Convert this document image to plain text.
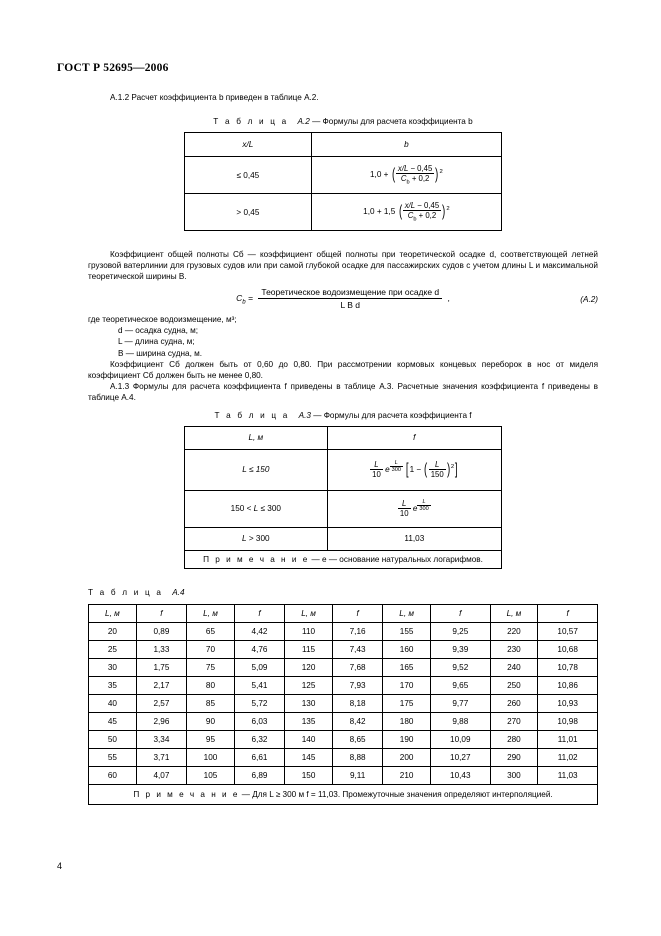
ГОСТ Р 52695—2006

А.1.2 Расчет коэффициента b приведен в таблице А.2.

Т а б л и ц а А.2 — Формулы для расчета коэффициента b

x/L	b
≤ 0,45	1,0 + ( $\frac{x/L - 0,45}{C_b + 0,2} )^2$
> 0,45	1,0 + 1,5 ( $\frac{x/L - 0,45}{C_b + 0,2} )^2$

Коэффициент общей полноты Cб — коэффициент общей полноты при теоретической осадке d, соответствующей летней грузовой ватерлинии для грузовых судов или при самой глубокой осадке для пассажирских судов с учетом длины L и максимальной теоретической ширины B.

$C_b = \frac{\text{Теоретическое водоизмещение при осадке d}}{\text{L B d}}$ ,	(А.2)

где теоретическое водоизмещение, м³;

d — осадка судна, м;

L — длина судна, м;

B — ширина судна, м.

Коэффициент Cб должен быть от 0,60 до 0,80. При рассмотрении кормовых концевых переборок в нос от миделя коэффициент Cб должен быть не менее 0,80.

А.1.3 Формулы для расчета коэффициента f приведены в таблице А.3. Расчетные значения коэффициента f приведены в таблице А.4.

Т а б л и ц а А.3 — Формулы для расчета коэффициента f

L, м	f
L ≤ 150	$\frac{L}{10}$ e $^{\frac{L}{300}}$ [1 − ( $\frac{L}{150} )^2$]
150 < L ≤ 300	$\frac{L}{10}$ e $^{\frac{L}{300}}$

L > 300	11,03
П р и м е ч а н и е — e — основание натуральных логарифмов.	

Т а б л и ц а А.4

L, м	f	L, м	f	L, м	f	L, м	f	L, м	f
20	0,89	65	4,42	110	7,16	155	9,25	220	10,57
25	1,33	70	4,76	115	7,43	160	9,39	230	10,68
30	1,75	75	5,09	120	7,68	165	9,52	240	10,78
35	2,17	80	5,41	125	7,93	170	9,65	250	10,86
40	2,57	85	5,72	130	8,18	175	9,77	260	10,93
45	2,96	90	6,03	135	8,42	180	9,88	270	10,98
50	3,34	95	6,32	140	8,65	190	10,09	280	11,01
55	3,71	100	6,61	145	8,88	200	10,27	290	11,02
60	4,07	105	6,89	150	9,11	210	10,43	300	11,03
П р и м е ч а н и е — Для L ≥ 300 м f = 11,03. Промежуточные значения определяют интерполяцией.									
4
